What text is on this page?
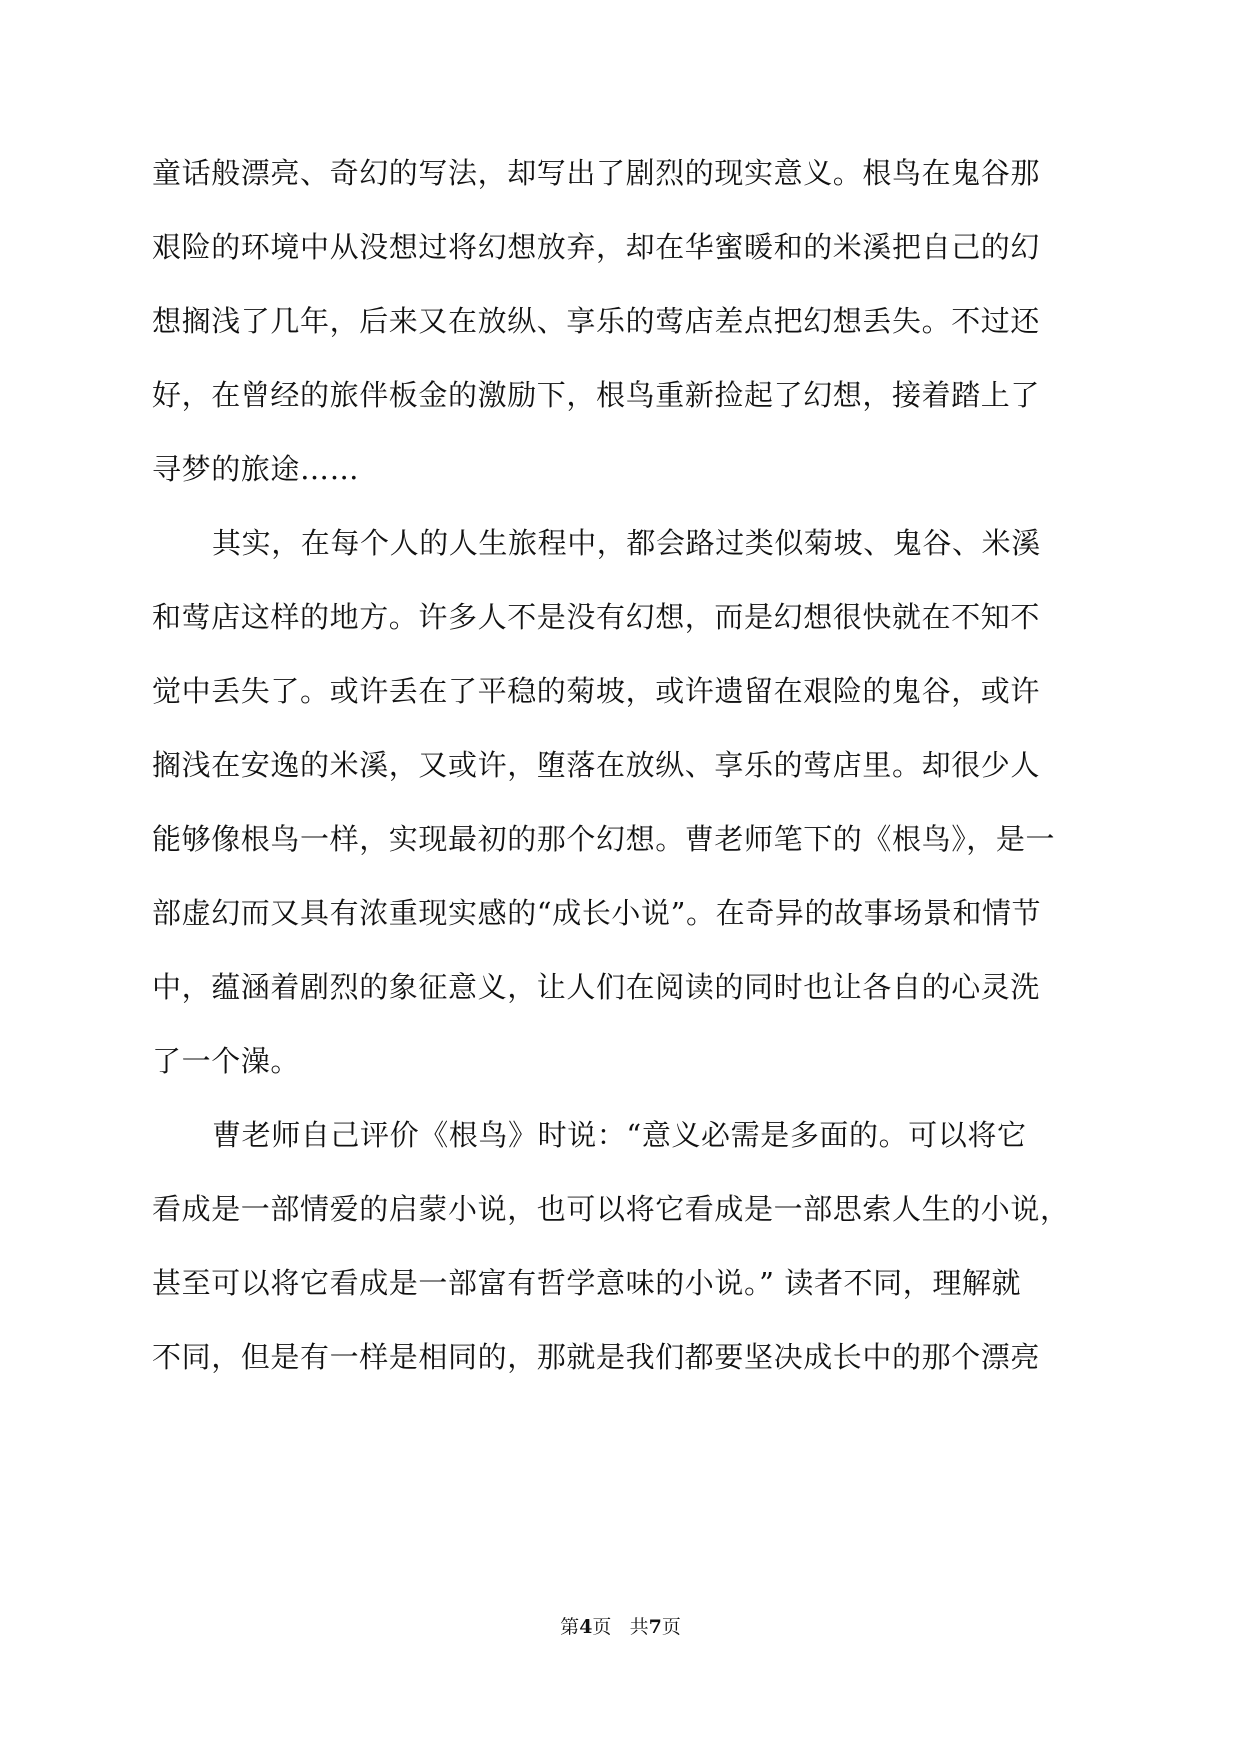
童话般漂亮、奇幻的写法，却写出了剧烈的现实意义。根鸟在鬼谷那
艰险的环境中从没想过将幻想放弃，却在华蜜暖和的米溪把自己的幻
想搁浅了几年，后来又在放纵、享乐的莺店差点把幻想丢失。不过还
好，在曾经的旅伴板金的激励下，根鸟重新捡起了幻想，接着踏上了
寻梦的旅途……
其实，在每个人的人生旅程中，都会路过类似菊坡、鬼谷、米溪
和莺店这样的地方。许多人不是没有幻想，而是幻想很快就在不知不
觉中丢失了。或许丢在了平稳的菊坡，或许遗留在艰险的鬼谷，或许
搁浅在安逸的米溪，又或许，堕落在放纵、享乐的莺店里。却很少人
能够像根鸟一样，实现最初的那个幻想。曹老师笔下的《根鸟》，是一
部虚幻而又具有浓重现实感的“成长小说”。在奇异的故事场景和情节
中，蕴涵着剧烈的象征意义，让人们在阅读的同时也让各自的心灵洗
了一个澡。
曹老师自己评价《根鸟》时说：“意义必需是多面的。可以将它
看成是一部情爱的启蒙小说，也可以将它看成是一部思索人生的小说，
甚至可以将它看成是一部富有哲学意味的小说。” 读者不同，理解就
不同，但是有一样是相同的，那就是我们都要坚决成长中的那个漂亮
第4页 共7页
